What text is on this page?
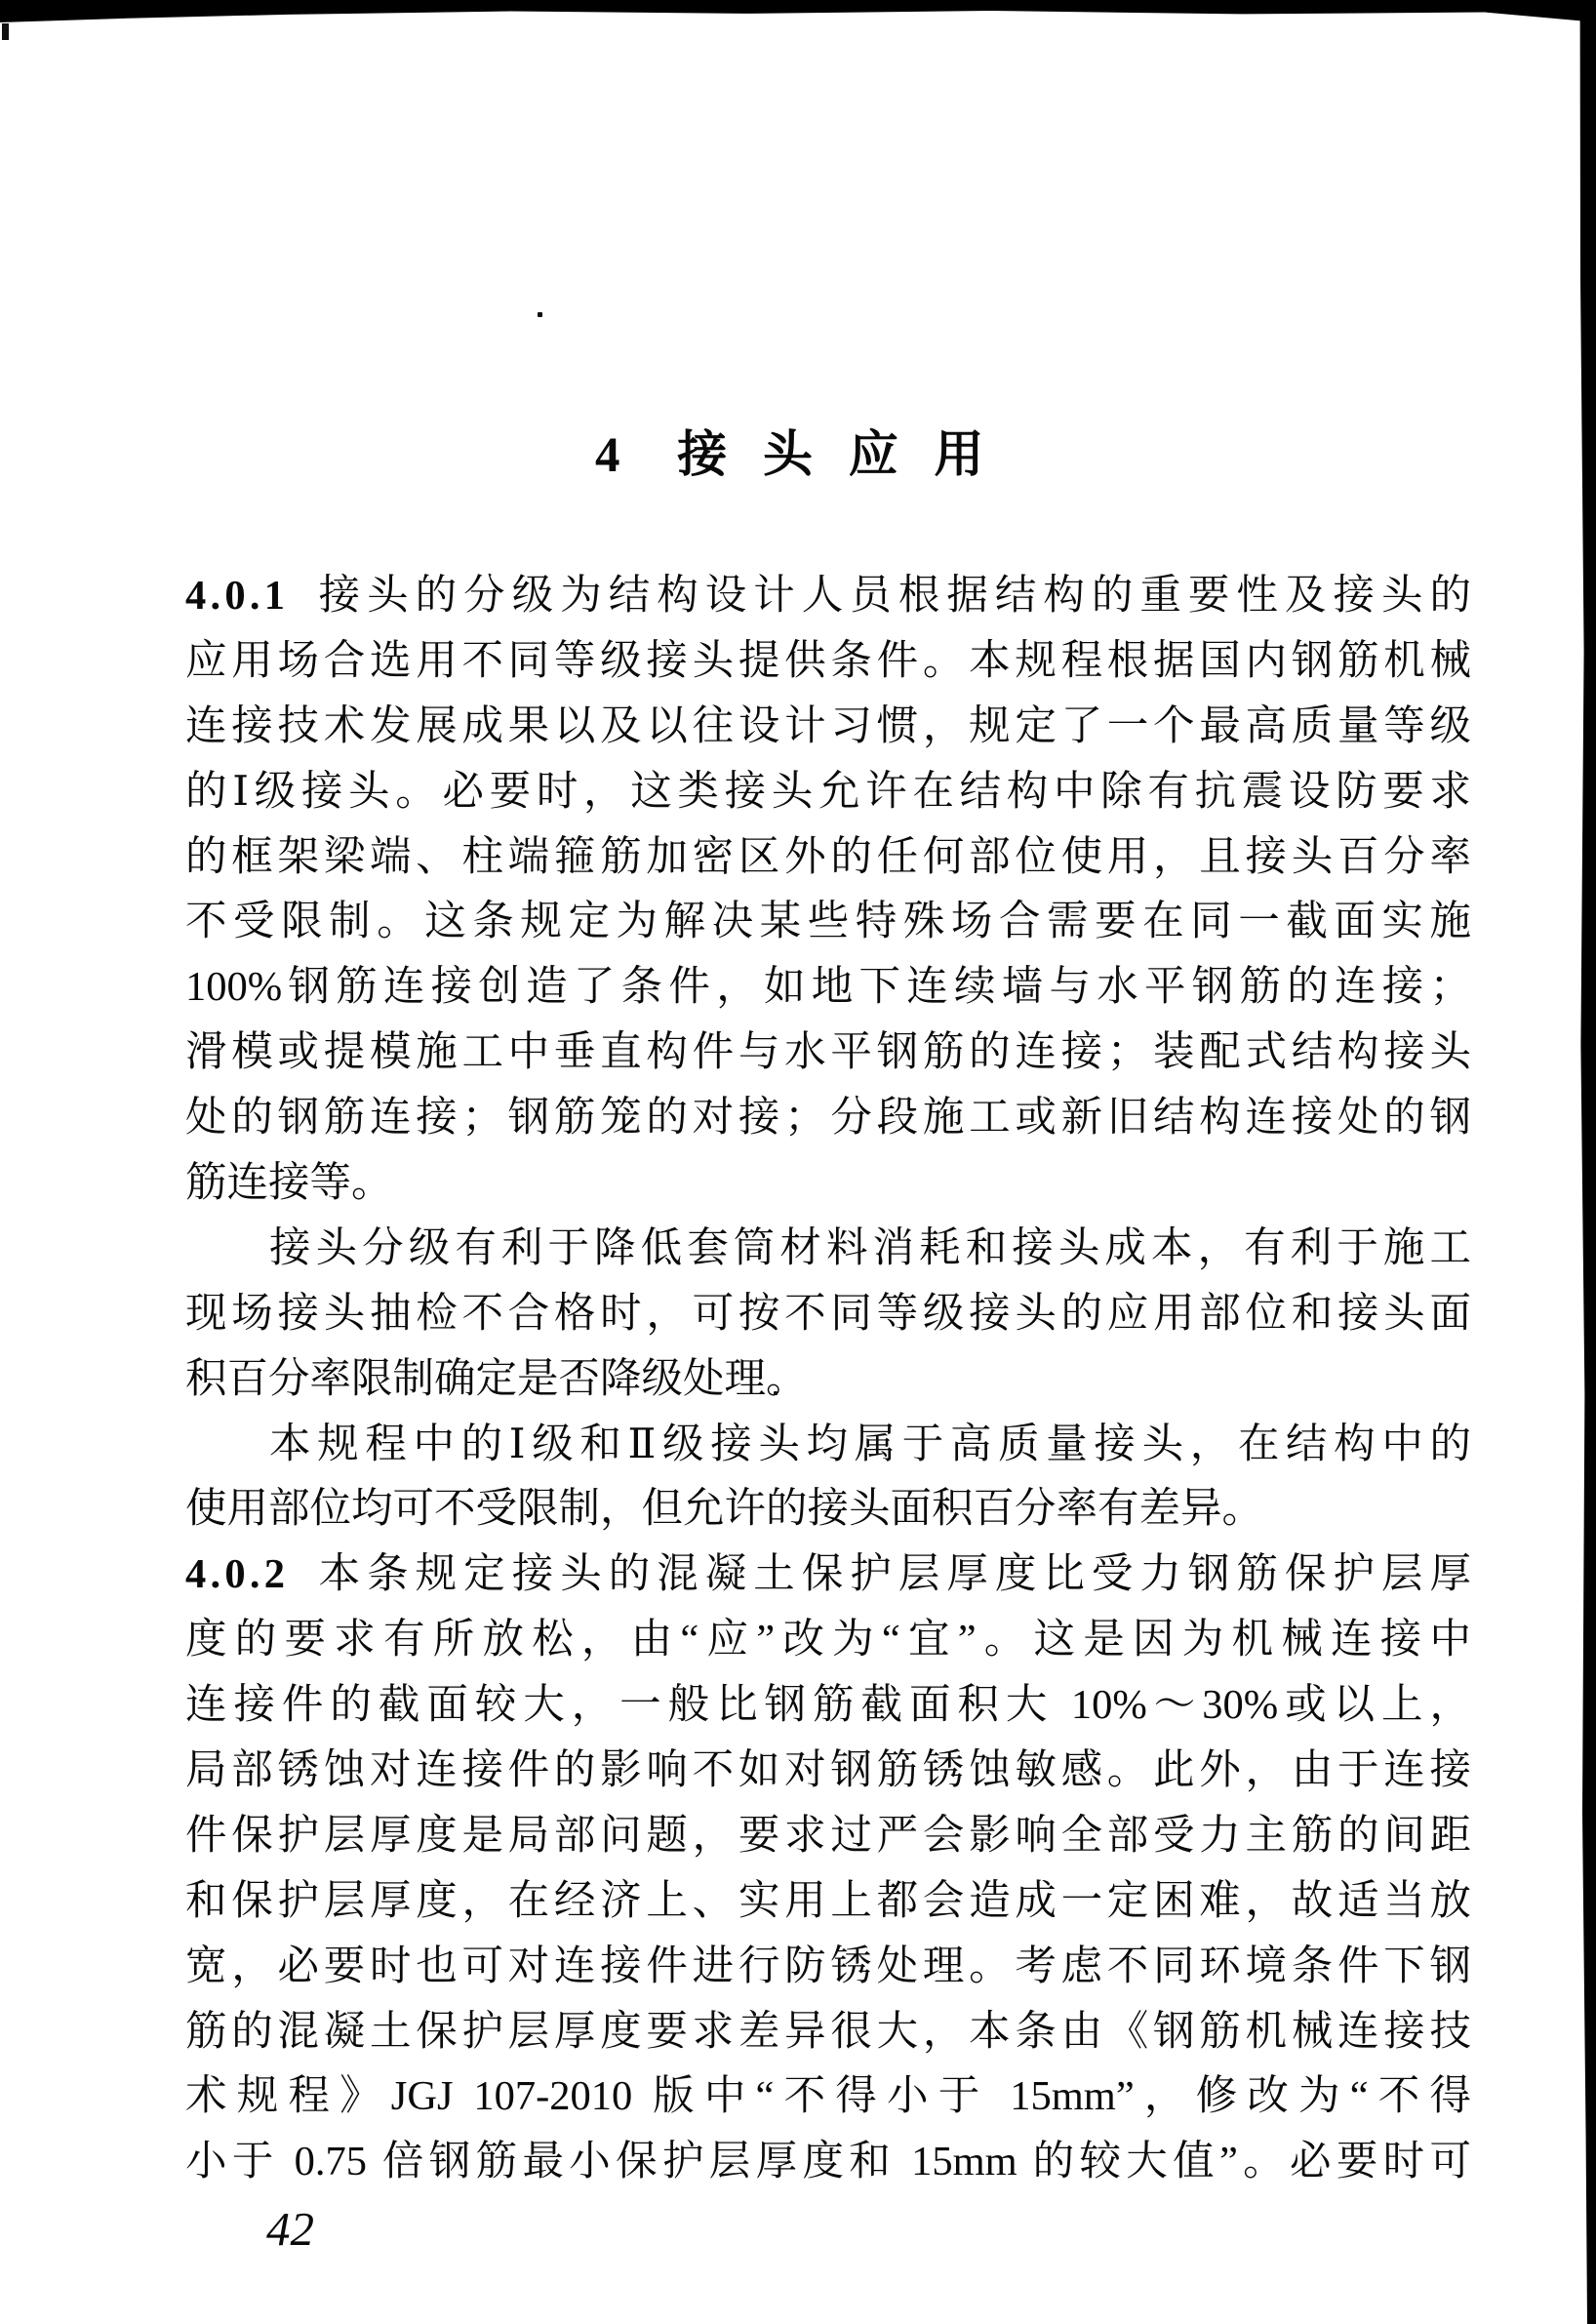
4 接头应用
4.0.1 接头的分级为结构设计人员根据结构的重要性及接头的
应用场合选用不同等级接头提供条件。本规程根据国内钢筋机械
连接技术发展成果以及以往设计习惯，规定了一个最高质量等级
的Ⅰ级接头。必要时，这类接头允许在结构中除有抗震设防要求
的框架梁端、柱端箍筋加密区外的任何部位使用，且接头百分率
不受限制。这条规定为解决某些特殊场合需要在同一截面实施
100%钢筋连接创造了条件，如地下连续墙与水平钢筋的连接；
滑模或提模施工中垂直构件与水平钢筋的连接；装配式结构接头
处的钢筋连接；钢筋笼的对接；分段施工或新旧结构连接处的钢
筋连接等。
接头分级有利于降低套筒材料消耗和接头成本，有利于施工
现场接头抽检不合格时，可按不同等级接头的应用部位和接头面
积百分率限制确定是否降级处理。
本规程中的Ⅰ级和Ⅱ级接头均属于高质量接头，在结构中的
使用部位均可不受限制，但允许的接头面积百分率有差异。
4.0.2 本条规定接头的混凝土保护层厚度比受力钢筋保护层厚
度的要求有所放松，由“应”改为“宜”。这是因为机械连接中
连接件的截面较大，一般比钢筋截面积大 10%～30%或以上，
局部锈蚀对连接件的影响不如对钢筋锈蚀敏感。此外，由于连接
件保护层厚度是局部问题，要求过严会影响全部受力主筋的间距
和保护层厚度，在经济上、实用上都会造成一定困难，故适当放
宽，必要时也可对连接件进行防锈处理。考虑不同环境条件下钢
筋的混凝土保护层厚度要求差异很大，本条由《钢筋机械连接技
术规程》JGJ 107-2010 版中“不得小于 15mm”，修改为“不得
小于 0.75 倍钢筋最小保护层厚度和 15mm 的较大值”。必要时可
42
